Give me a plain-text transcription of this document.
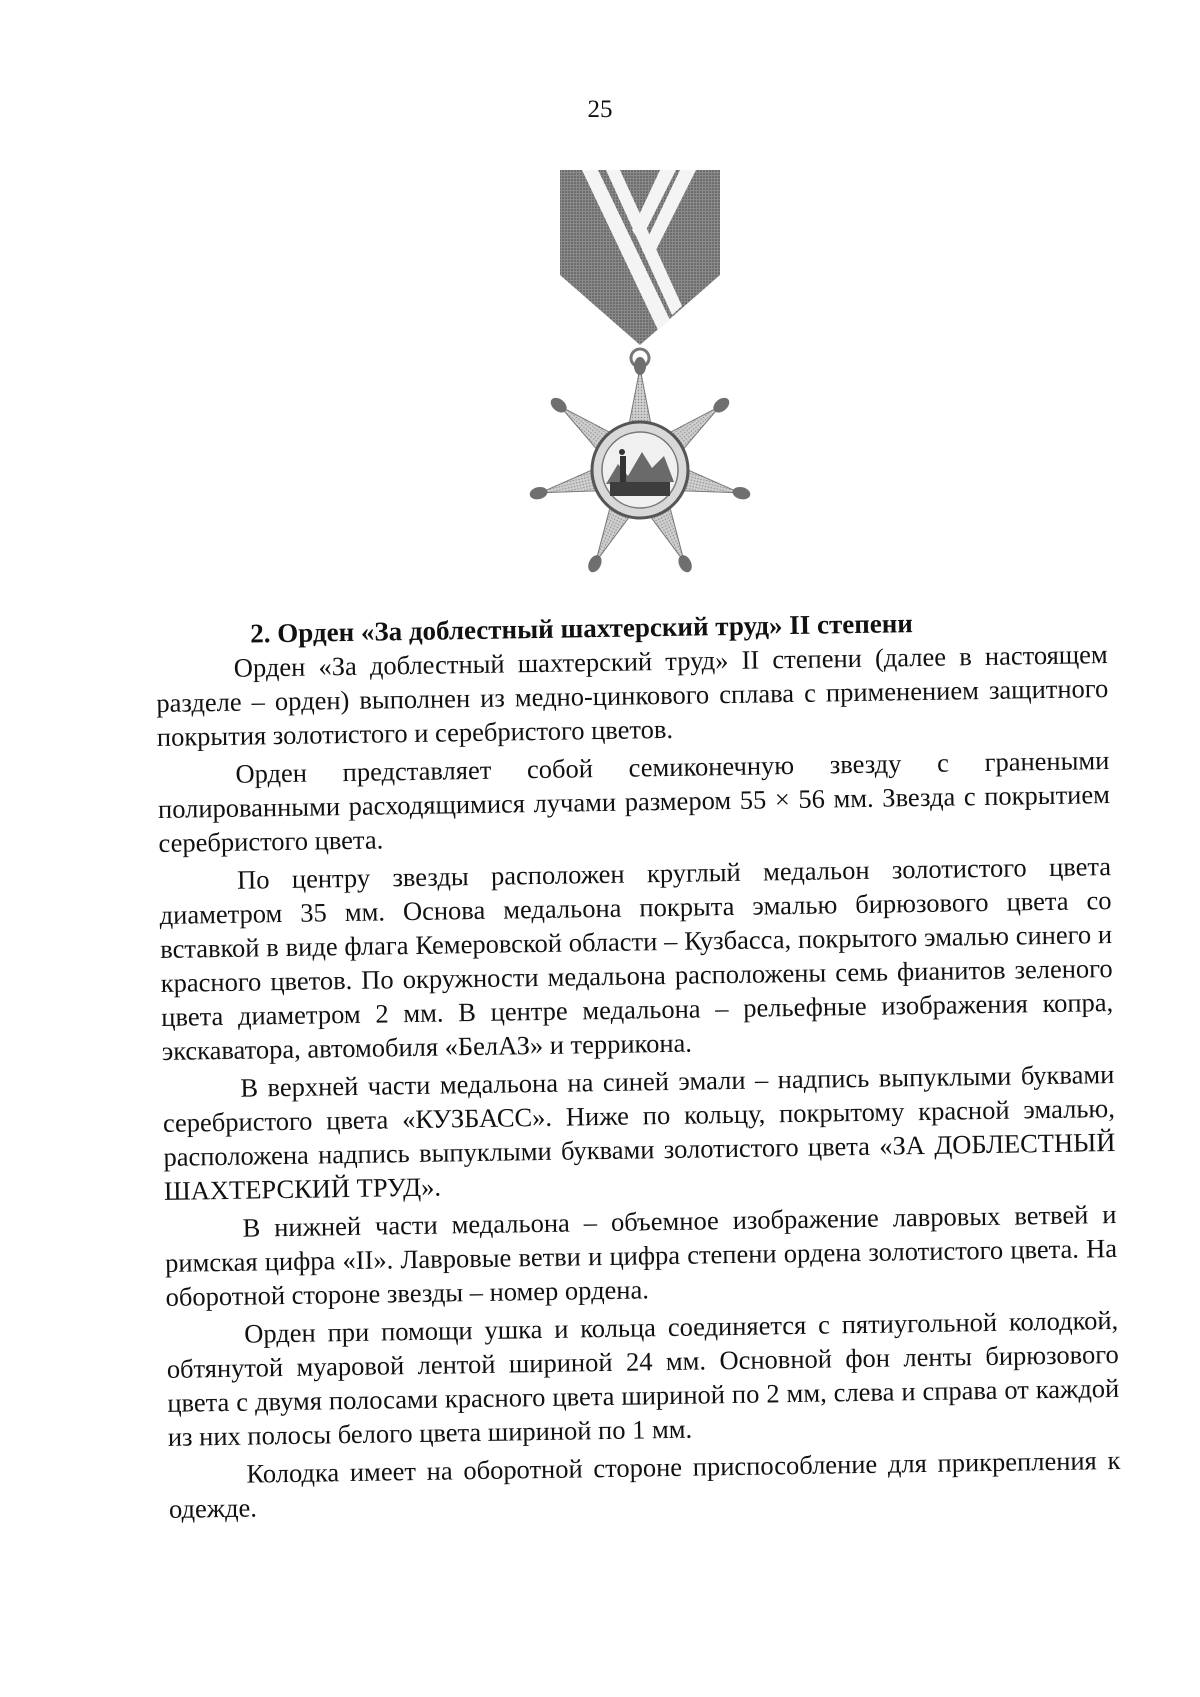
25
2. Орден «За доблестный шахтерский труд» II степени

Орден «За доблестный шахтерский труд» II степени (далее в настоящем разделе – орден) выполнен из медно-цинкового сплава с применением защитного покрытия золотистого и серебристого цветов.

Орден представляет собой семиконечную звезду с гранеными полированными расходящимися лучами размером 55 × 56 мм. Звезда с покрытием серебристого цвета.

По центру звезды расположен круглый медальон золотистого цвета диаметром 35 мм. Основа медальона покрыта эмалью бирюзового цвета со вставкой в виде флага Кемеровской области – Кузбасса, покрытого эмалью синего и красного цветов. По окружности медальона расположены семь фианитов зеленого цвета диаметром 2 мм. В центре медальона – рельефные изображения копра, экскаватора, автомобиля «БелАЗ» и терриконa.

В верхней части медальона на синей эмали – надпись выпуклыми буквами серебристого цвета «КУЗБАСС». Ниже по кольцу, покрытому красной эмалью, расположена надпись выпуклыми буквами золотистого цвета «ЗА ДОБЛЕСТНЫЙ ШАХТЕРСКИЙ ТРУД».

В нижней части медальона – объемное изображение лавровых ветвей и римская цифра «II». Лавровые ветви и цифра степени ордена золотистого цвета. На оборотной стороне звезды – номер ордена.

Орден при помощи ушка и кольца соединяется с пятиугольной колодкой, обтянутой муаровой лентой шириной 24 мм. Основной фон ленты бирюзового цвета с двумя полосами красного цвета шириной по 2 мм, слева и справа от каждой из них полосы белого цвета шириной по 1 мм.

Колодка имеет на оборотной стороне приспособление для прикрепления к одежде.
